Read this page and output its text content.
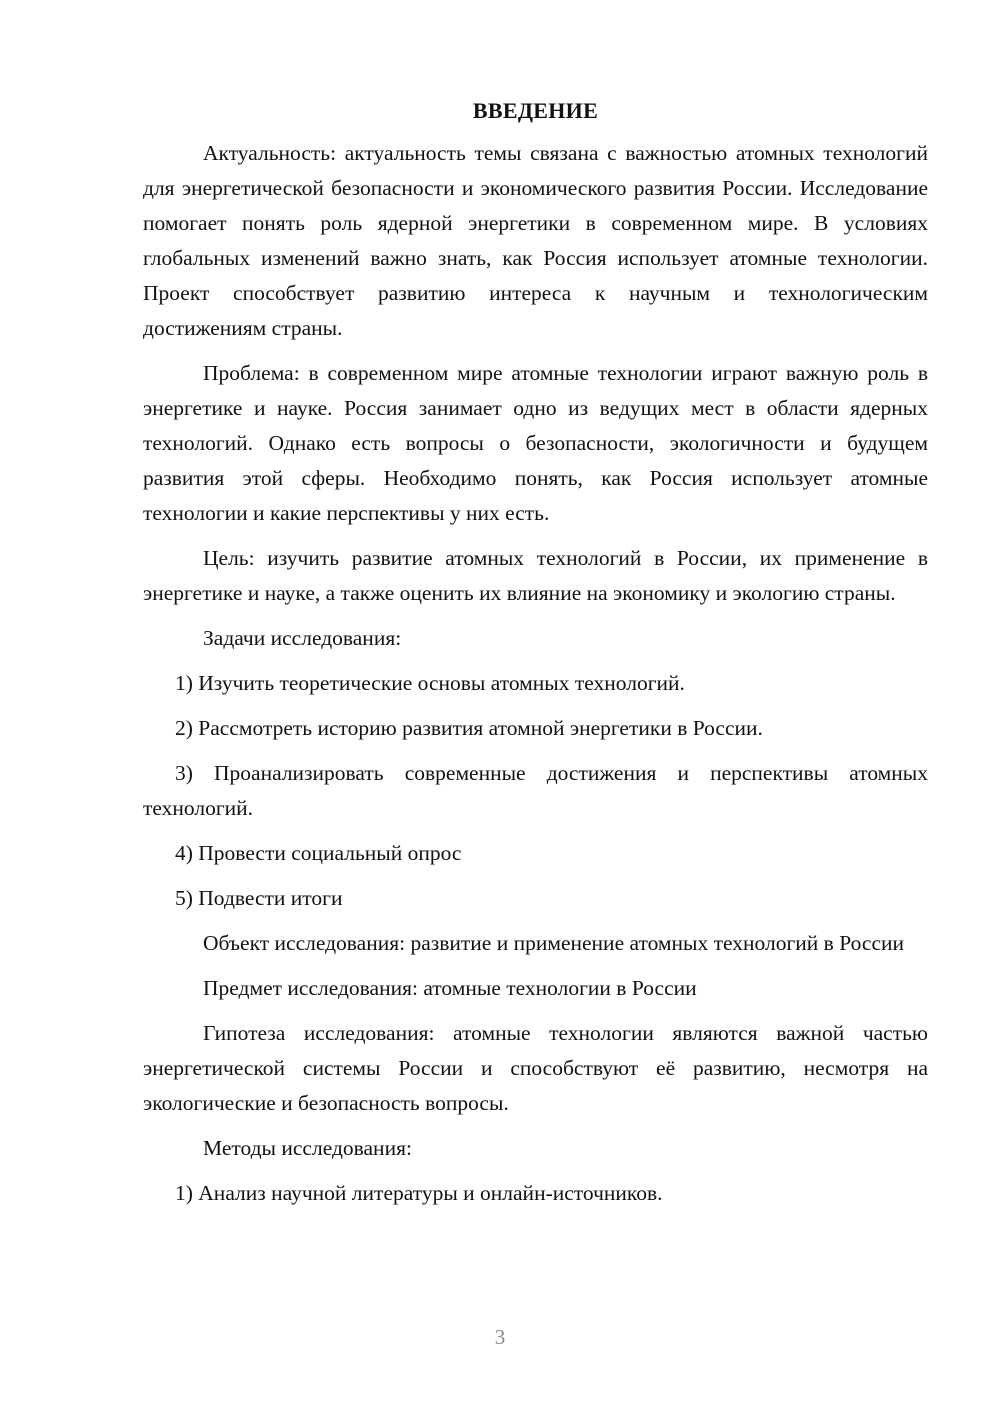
ВВЕДЕНИЕ

Актуальность: актуальность темы связана с важностью атомных технологий для энергетической безопасности и экономического развития России. Исследование помогает понять роль ядерной энергетики в современном мире. В условиях глобальных изменений важно знать, как Россия использует атомные технологии. Проект способствует развитию интереса к научным и технологическим достижениям страны.

Проблема: в современном мире атомные технологии играют важную роль в энергетике и науке. Россия занимает одно из ведущих мест в области ядерных технологий. Однако есть вопросы о безопасности, экологичности и будущем развития этой сферы. Необходимо понять, как Россия использует атомные технологии и какие перспективы у них есть.

Цель: изучить развитие атомных технологий в России, их применение в энергетике и науке, а также оценить их влияние на экономику и экологию страны.

Задачи исследования:

1) Изучить теоретические основы атомных технологий.

2) Рассмотреть историю развития атомной энергетики в России.

3) Проанализировать современные достижения и перспективы атомных технологий.

4) Провести социальный опрос

5) Подвести итоги

Объект исследования: развитие и применение атомных технологий в России

Предмет исследования: атомные технологии в России

Гипотеза исследования: атомные технологии являются важной частью энергетической системы России и способствуют её развитию, несмотря на экологические и безопасность вопросы.

Методы исследования:

1) Анализ научной литературы и онлайн-источников.

3
